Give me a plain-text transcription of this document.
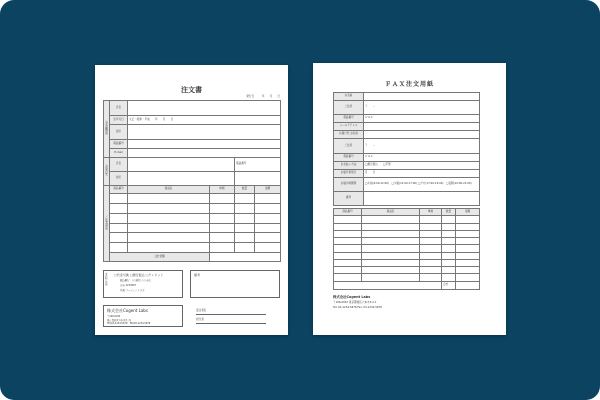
注文書
発行日　　　年　　月　　日
お客様情報	氏名				
	生年月日	大正・昭和・平成　　年　　月　　日			
	住所				
	電話番号				
	E-mail				
お届け先	氏名			電話番号	
	住所				
ご注文商品	商品番号	商品名	単価	数量	金額

	合計金額				
支払い方法
□代金引換 □銀行振込 □クレジット
振込銀行　○○銀行 ○○支店
口座 1234567
名義 コージェントラボ
備考
株式会社Cogent Labs
〒106-0032
東京都港区六本木3丁目
TEL03-1234-5678　FAX03-1234-5678
受注者名
担当者
ＦＡＸ注文用紙
お名前	
ご住所	〒　　－
電話番号	ＦＡＸ
メールアドレス	
お届け先 お名前	
ご住所	〒　　－
電話番号	ＦＡＸ
お支払い方法	□銀行振込　　□手形
お届け希望日	月　　日
お届け時間帯	□午前(9:00-12:00)　□午後(12:00-17:00) □夕方(17:00-19:00)　□夜間(19:00-21:00)
備考	
商品番号	商品名	単価	数量	金額

			合計	
株式会社Cogent Labs
〒106-0032 東京都港区六本木3-2-1
Tel: 03-1234-5678 Fax: 03-1234-5678
